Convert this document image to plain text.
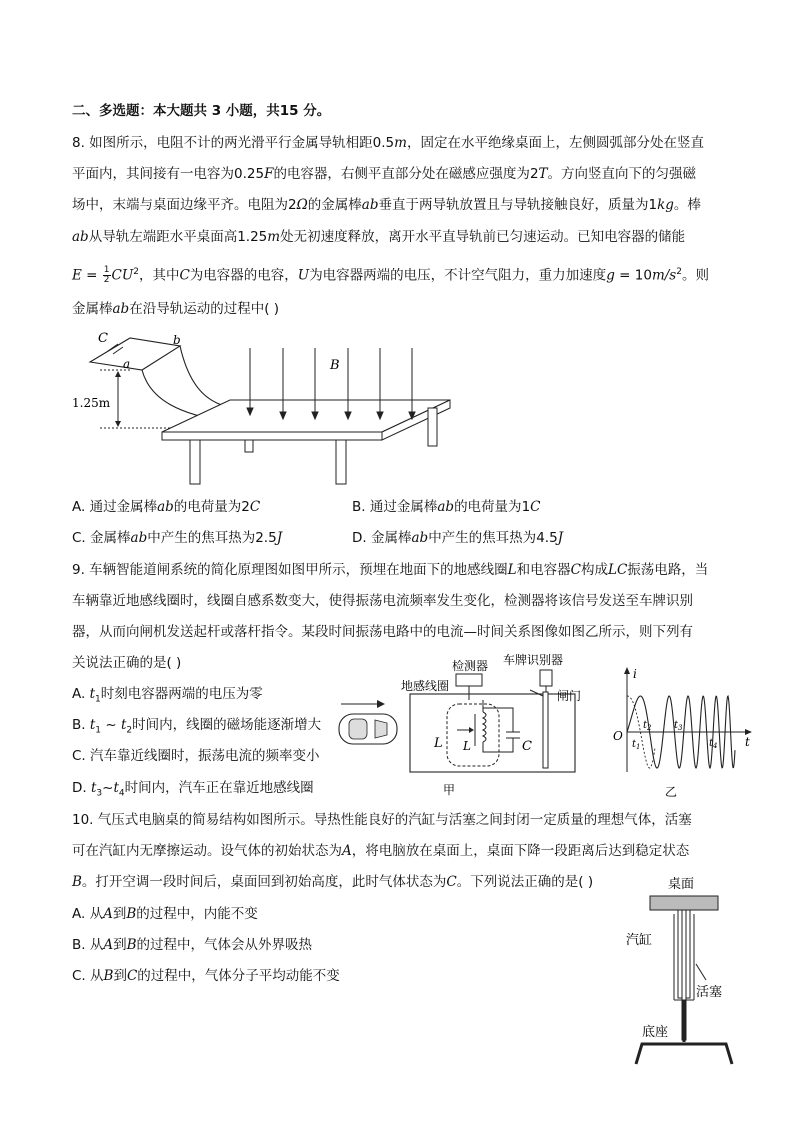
二、多选题：本大题共 3 小题，共15 分。
8. 如图所示，电阻不计的两光滑平行金属导轨相距0.5m，固定在水平绝缘桌面上，左侧圆弧部分处在竖直
平面内，其间接有一电容为0.25F的电容器，右侧平直部分处在磁感应强度为2T。方向竖直向下的匀强磁
场中，末端与桌面边缘平齐。电阻为2Ω的金属棒ab垂直于两导轨放置且与导轨接触良好，质量为1kg。棒
ab从导轨左端距水平桌面高1.25m处无初速度释放，离开水平直导轨前已匀速运动。已知电容器的储能
$E = \frac{1}{2} CU^2$，其中C为电容器的电容，U为电容器两端的电压，不计空气阻力，重力加速度$g = 10m/s^2$。则
金属棒ab在沿导轨运动的过程中( )
C
a
b
B
1.25m
A. 通过金属棒ab的电荷量为2C	B. 通过金属棒ab的电荷量为1C
C. 金属棒ab中产生的焦耳热为2.5J	D. 金属棒ab中产生的焦耳热为4.5J
9. 车辆智能道闸系统的简化原理图如图甲所示，预埋在地面下的地感线圈L和电容器C构成LC振荡电路，当
车辆靠近地感线圈时，线圈自感系数变大，使得振荡电流频率发生变化，检测器将该信号发送至车牌识别
器，从而向闸机发送起杆或落杆指令。某段时间振荡电路中的电流—时间关系图像如图乙所示，则下列有
关说法正确的是( )
A. $t_1$时刻电容器两端的电压为零
B. $t_1$ ~ $t_2$时间内，线圈的磁场能逐渐增大
C. 汽车靠近线圈时，振荡电流的频率变小
D. $t_3\sim t_4$时间内，汽车正在靠近地感线圈
检测器 车牌识别器
地感线圈
闸门
L L	C
甲
i
O	t
$t_1$
$t_2$ $t_3$
$t_4$
乙
10. 气压式电脑桌的简易结构如图所示。导热性能良好的汽缸与活塞之间封闭一定质量的理想气体，活塞
可在汽缸内无摩擦运动。设气体的初始状态为A，将电脑放在桌面上，桌面下降一段距离后达到稳定状态
B。打开空调一段时间后，桌面回到初始高度，此时气体状态为C。下列说法正确的是( )
A. 从A到B的过程中，内能不变
B. 从A到B的过程中，气体会从外界吸热
C. 从B到C的过程中，气体分子平均动能不变
桌面
汽缸
活塞
底座
